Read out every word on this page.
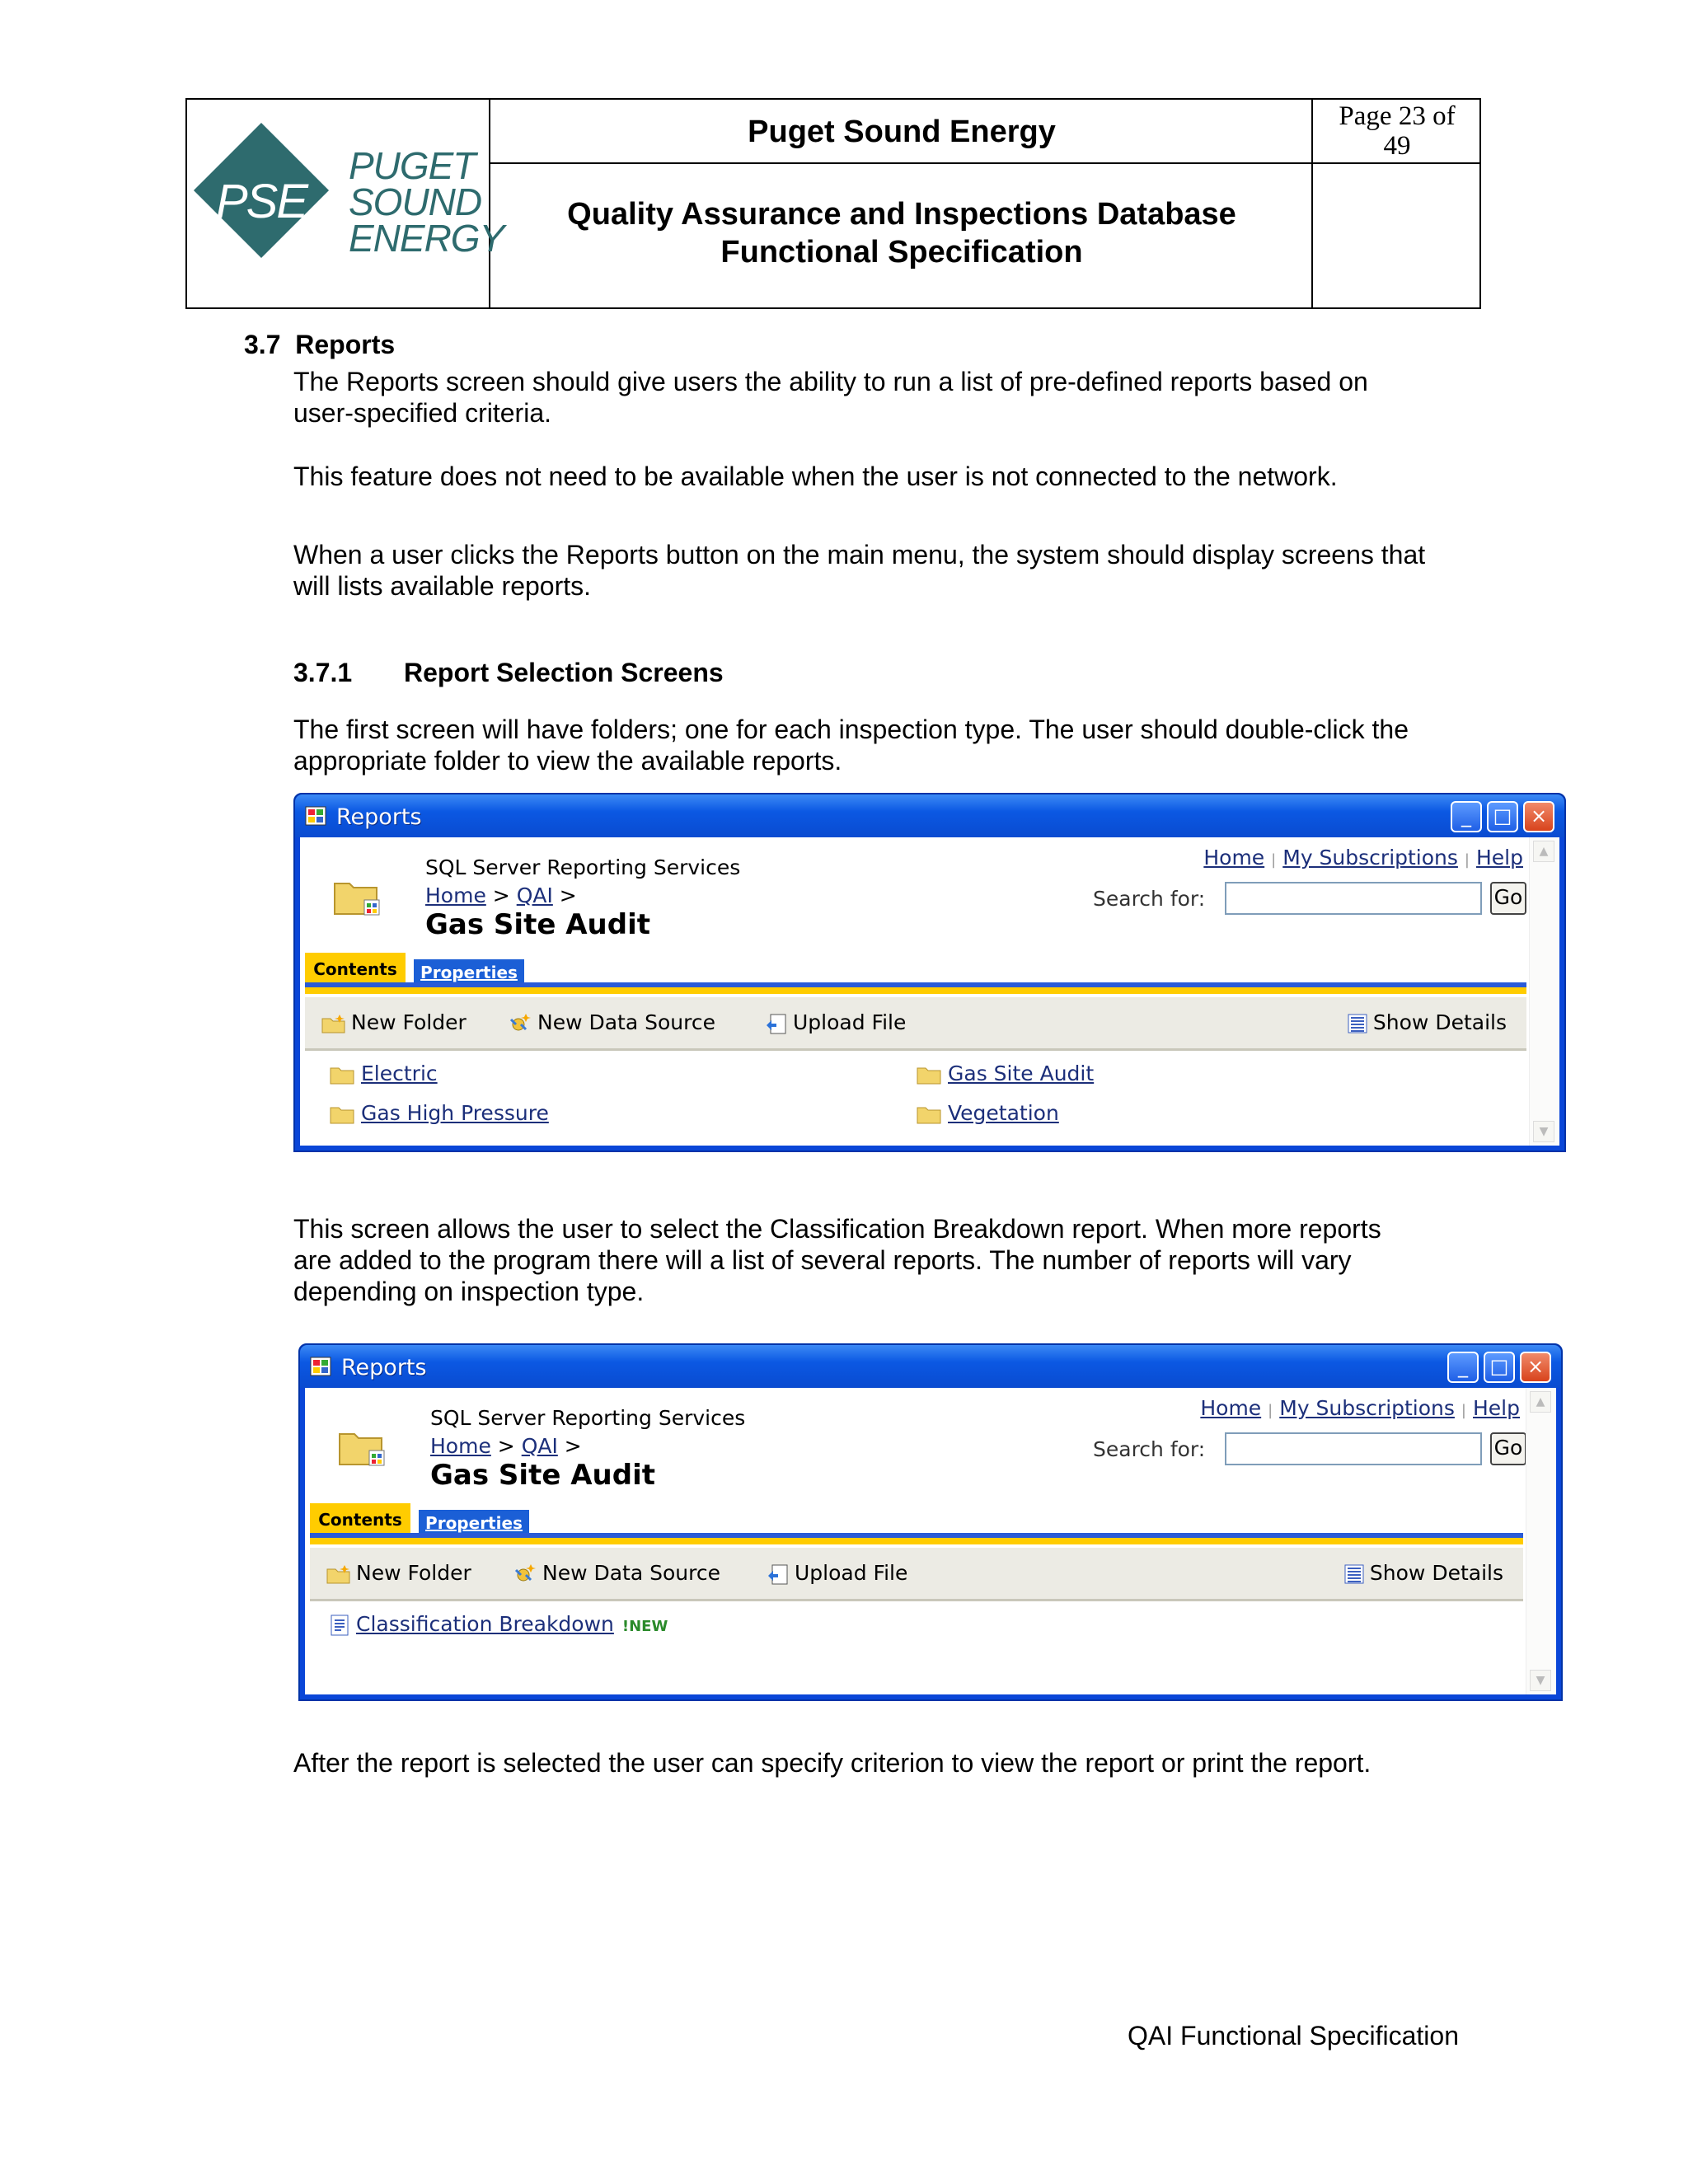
PSE
PUGET
SOUND
ENERGY
Puget Sound Energy
Quality Assurance and Inspections Database
Functional Specification
Page 23 of
49
3.7 Reports
The Reports screen should give users the ability to run a list of pre-defined reports based on
user-specified criteria.
This feature does not need to be available when the user is not connected to the network.
When a user clicks the Reports button on the main menu, the system should display screens that
will lists available reports.
3.7.1 Report Selection Screens
The first screen will have folders; one for each inspection type. The user should double-click the
appropriate folder to view the available reports.
Reports	_	□ ×
SQL Server Reporting Services
Home > QAI >
Gas Site Audit
Home | My Subscriptions | Help
Search for:	Go
Contents	Properties
New Folder	New Data Source	Upload File	Show Details
Electric	Gas Site Audit
Gas High Pressure	Vegetation
▲
▼
This screen allows the user to select the Classification Breakdown report. When more reports
are added to the program there will a list of several reports. The number of reports will vary
depending on inspection type.
Reports	_	□ ×
SQL Server Reporting Services
Home > QAI >
Gas Site Audit
Home | My Subscriptions | Help
Search for:	Go
Contents	Properties
New Folder	New Data Source	Upload File	Show Details
Classification Breakdown !NEW
▲
▼
After the report is selected the user can specify criterion to view the report or print the report.
QAI Functional Specification
